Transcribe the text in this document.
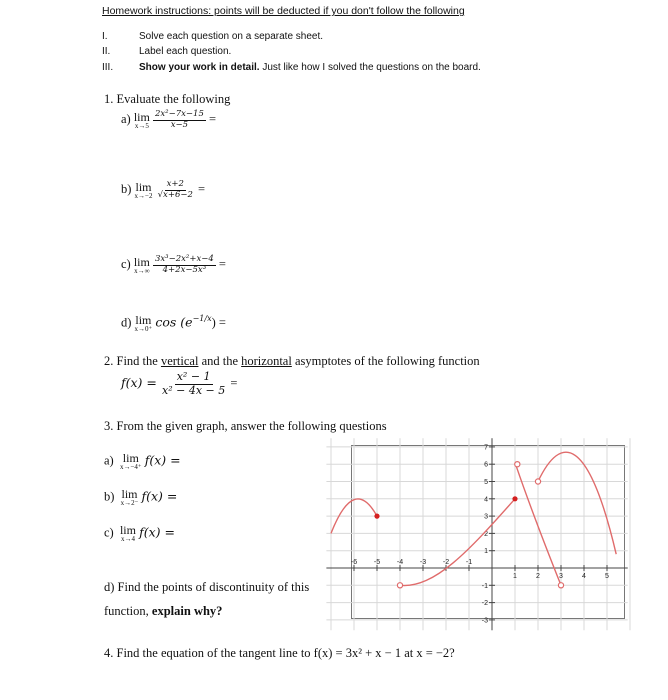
Homework instructions: points will be deducted if you don't follow the following
I.	Solve each question on a separate sheet.
II.	Label each question.
III.	Show your work in detail. Just like how I solved the questions on the board.
1. Evaluate the following
a) lim
x→5
$\frac{\text{2x²−7x−15}}{x-5}$ =
b) lim
x→−2
$\frac{x+2}{√x+6-2}$ =
c) lim
x→∞
$\frac{\text{3x³−2x²+x−4}}{\text{4+2x−5x³}}$ =
d) lim
x→0⁺ $\cos (e^{-1/x})$ =
2. Find the vertical and the horizontal asymptotes of the following function
$f(x) = \frac{\text{x² − 1}}{\text{x² − 4x − 5}}$ =
3. From the given graph, answer the following questions
a) lim
x→−4⁺ f(x) =
b) lim
x→2⁻ f(x) =
c) lim
x→4 f(x) =
d) Find the points of discontinuity of this
function, explain why?
-6 -5 -4 -3 -2 -1
1	2	3	4	5
7
6
5
4
3
2
1
-1
-2
-3
4. Find the equation of the tangent line to f(x) = 3x² + x − 1 at x = −2?
